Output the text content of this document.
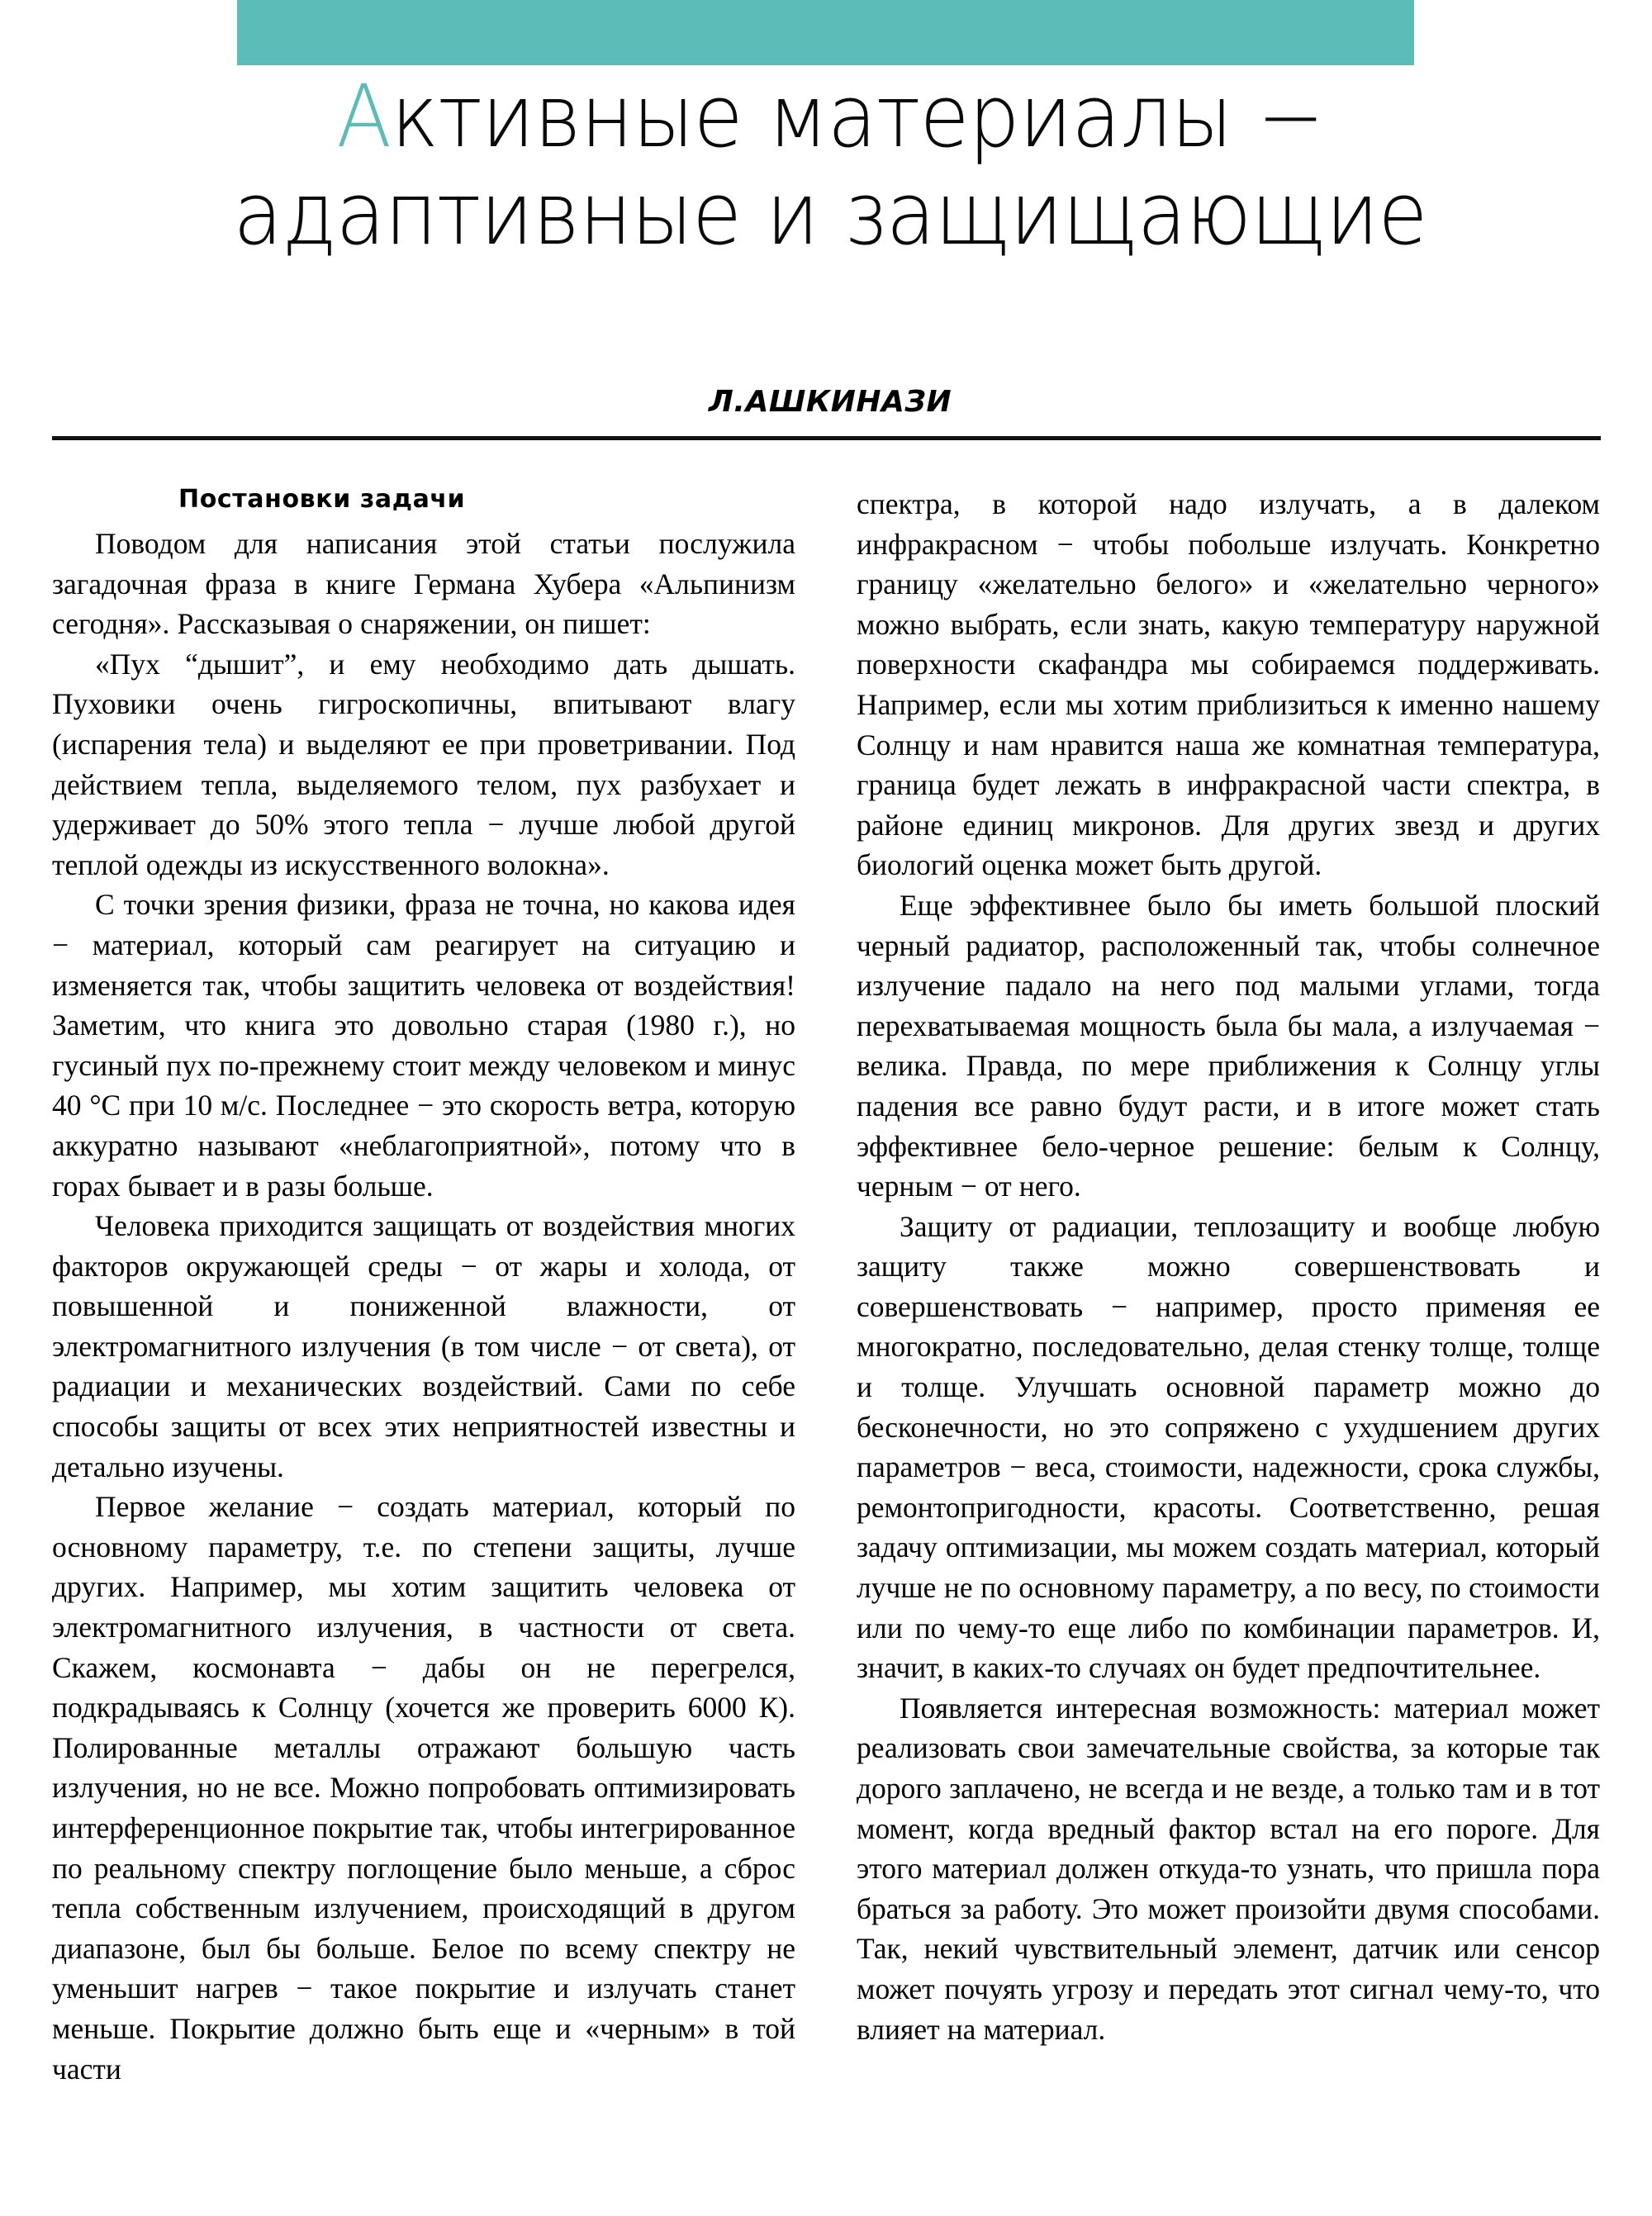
Активные материалы −
адаптивные и защищающие
Л.АШКИНАЗИ
Постановки задачи

Поводом для написания этой статьи послужила загадочная фраза в книге Германа Хубера «Альпинизм сегодня». Рассказывая о снаряжении, он пишет:

«Пух “дышит”, и ему необходимо дать дышать. Пуховики очень гигроскопичны, впитывают влагу (испарения тела) и выделяют ее при проветривании. Под действием тепла, выделяемого телом, пух разбухает и удерживает до 50% этого тепла − лучше любой другой теплой одежды из искусственного волокна».

С точки зрения физики, фраза не точна, но какова идея − материал, который сам реагирует на ситуацию и изменяется так, чтобы защитить человека от воздействия! Заметим, что книга это довольно старая (1980 г.), но гусиный пух по-прежнему стоит между человеком и минус 40 °C при 10 м/с. Последнее − это скорость ветра, которую аккуратно называют «неблагоприятной», потому что в горах бывает и в разы больше.

Человека приходится защищать от воздействия многих факторов окружающей среды − от жары и холода, от повышенной и пониженной влажности, от электромагнитного излучения (в том числе − от света), от радиации и механических воздействий. Сами по себе способы защиты от всех этих неприятностей известны и детально изучены.

Первое желание − создать материал, который по основному параметру, т.е. по степени защиты, лучше других. Например, мы хотим защитить человека от электромагнитного излучения, в частности от света. Скажем, космонавта − дабы он не перегрелся, подкрадываясь к Солнцу (хочется же проверить 6000 К). Полированные металлы отражают большую часть излучения, но не все. Можно попробовать оптимизировать интерференционное покрытие так, чтобы интегрированное по реальному спектру поглощение было меньше, а сброс тепла собственным излучением, происходящий в другом диапазоне, был бы больше. Белое по всему спектру не уменьшит нагрев − такое покрытие и излучать станет меньше. Покрытие должно быть еще и «черным» в той части

спектра, в которой надо излучать, а в далеком инфракрасном − чтобы побольше излучать. Конкретно границу «желательно белого» и «желательно черного» можно выбрать, если знать, какую температуру наружной поверхности скафандра мы собираемся поддерживать. Например, если мы хотим приблизиться к именно нашему Солнцу и нам нравится наша же комнатная температура, граница будет лежать в инфракрасной части спектра, в районе единиц микронов. Для других звезд и других биологий оценка может быть другой.

Еще эффективнее было бы иметь большой плоский черный радиатор, расположенный так, чтобы солнечное излучение падало на него под малыми углами, тогда перехватываемая мощность была бы мала, а излучаемая − велика. Правда, по мере приближения к Солнцу углы падения все равно будут расти, и в итоге может стать эффективнее бело-черное решение: белым к Солнцу, черным − от него.

Защиту от радиации, теплозащиту и вообще любую защиту также можно совершенствовать и совершенствовать − например, просто применяя ее многократно, последовательно, делая стенку толще, толще и толще. Улучшать основной параметр можно до бесконечности, но это сопряжено с ухудшением других параметров − веса, стоимости, надежности, срока службы, ремонтопригодности, красоты. Соответственно, решая задачу оптимизации, мы можем создать материал, который лучше не по основному параметру, а по весу, по стоимости или по чему-то еще либо по комбинации параметров. И, значит, в каких-то случаях он будет предпочтительнее.

Появляется интересная возможность: материал может реализовать свои замечательные свойства, за которые так дорого заплачено, не всегда и не везде, а только там и в тот момент, когда вредный фактор встал на его пороге. Для этого материал должен откуда-то узнать, что пришла пора браться за работу. Это может произойти двумя способами. Так, некий чувствительный элемент, датчик или сенсор может почуять угрозу и передать этот сигнал чему-то, что влияет на материал.
